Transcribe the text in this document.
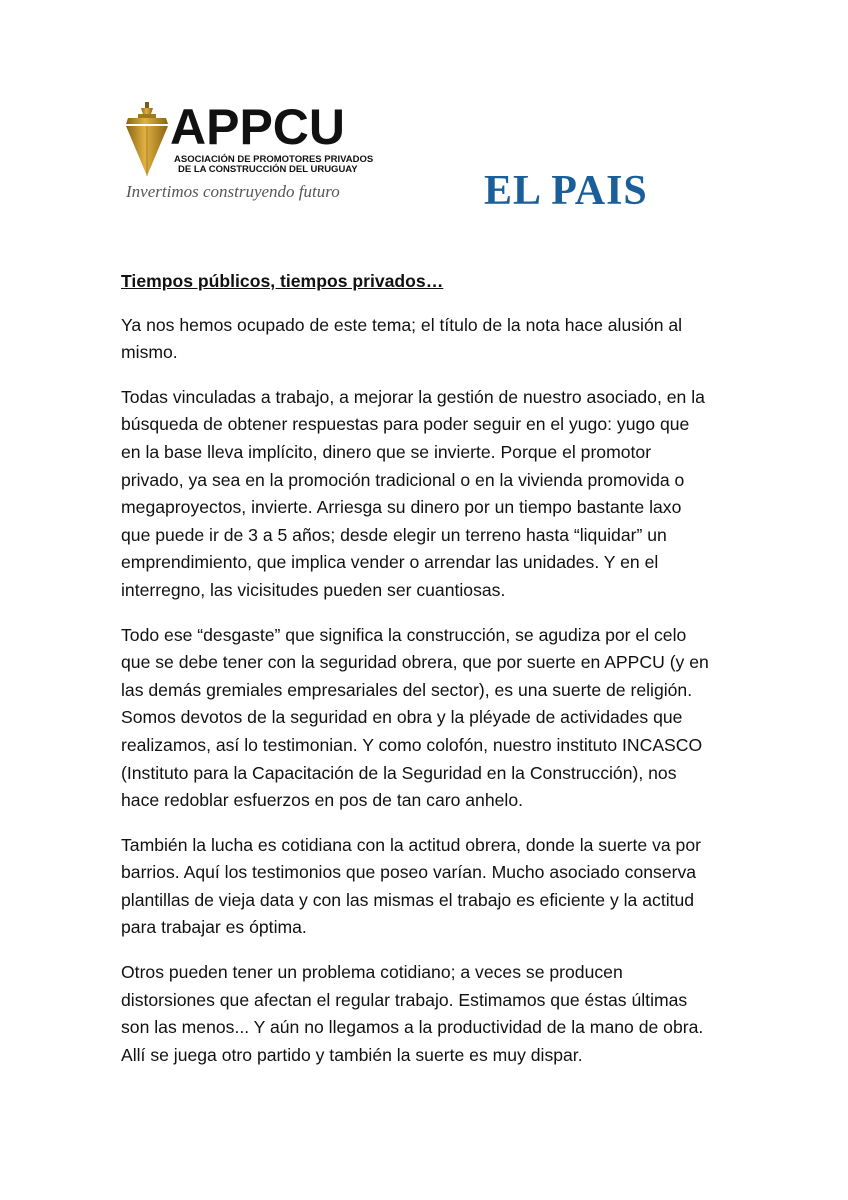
APPCU
ASOCIACIÓN DE PROMOTORES PRIVADOS
DE LA CONSTRUCCIÓN DEL URUGUAY
Invertimos construyendo futuro	EL PAIS
Tiempos públicos, tiempos privados…

Ya nos hemos ocupado de este tema; el título de la nota hace alusión al
mismo.

Todas vinculadas a trabajo, a mejorar la gestión de nuestro asociado, en la
búsqueda de obtener respuestas para poder seguir en el yugo: yugo que
en la base lleva implícito, dinero que se invierte. Porque el promotor
privado, ya sea en la promoción tradicional o en la vivienda promovida o
megaproyectos, invierte. Arriesga su dinero por un tiempo bastante laxo
que puede ir de 3 a 5 años; desde elegir un terreno hasta “liquidar” un
emprendimiento, que implica vender o arrendar las unidades. Y en el
interregno, las vicisitudes pueden ser cuantiosas.

Todo ese “desgaste” que significa la construcción, se agudiza por el celo
que se debe tener con la seguridad obrera, que por suerte en APPCU (y en
las demás gremiales empresariales del sector), es una suerte de religión.
Somos devotos de la seguridad en obra y la pléyade de actividades que
realizamos, así lo testimonian. Y como colofón, nuestro instituto INCASCO
(Instituto para la Capacitación de la Seguridad en la Construcción), nos
hace redoblar esfuerzos en pos de tan caro anhelo.

También la lucha es cotidiana con la actitud obrera, donde la suerte va por
barrios. Aquí los testimonios que poseo varían. Mucho asociado conserva
plantillas de vieja data y con las mismas el trabajo es eficiente y la actitud
para trabajar es óptima.

Otros pueden tener un problema cotidiano; a veces se producen
distorsiones que afectan el regular trabajo. Estimamos que éstas últimas
son las menos... Y aún no llegamos a la productividad de la mano de obra.
Allí se juega otro partido y también la suerte es muy dispar.
